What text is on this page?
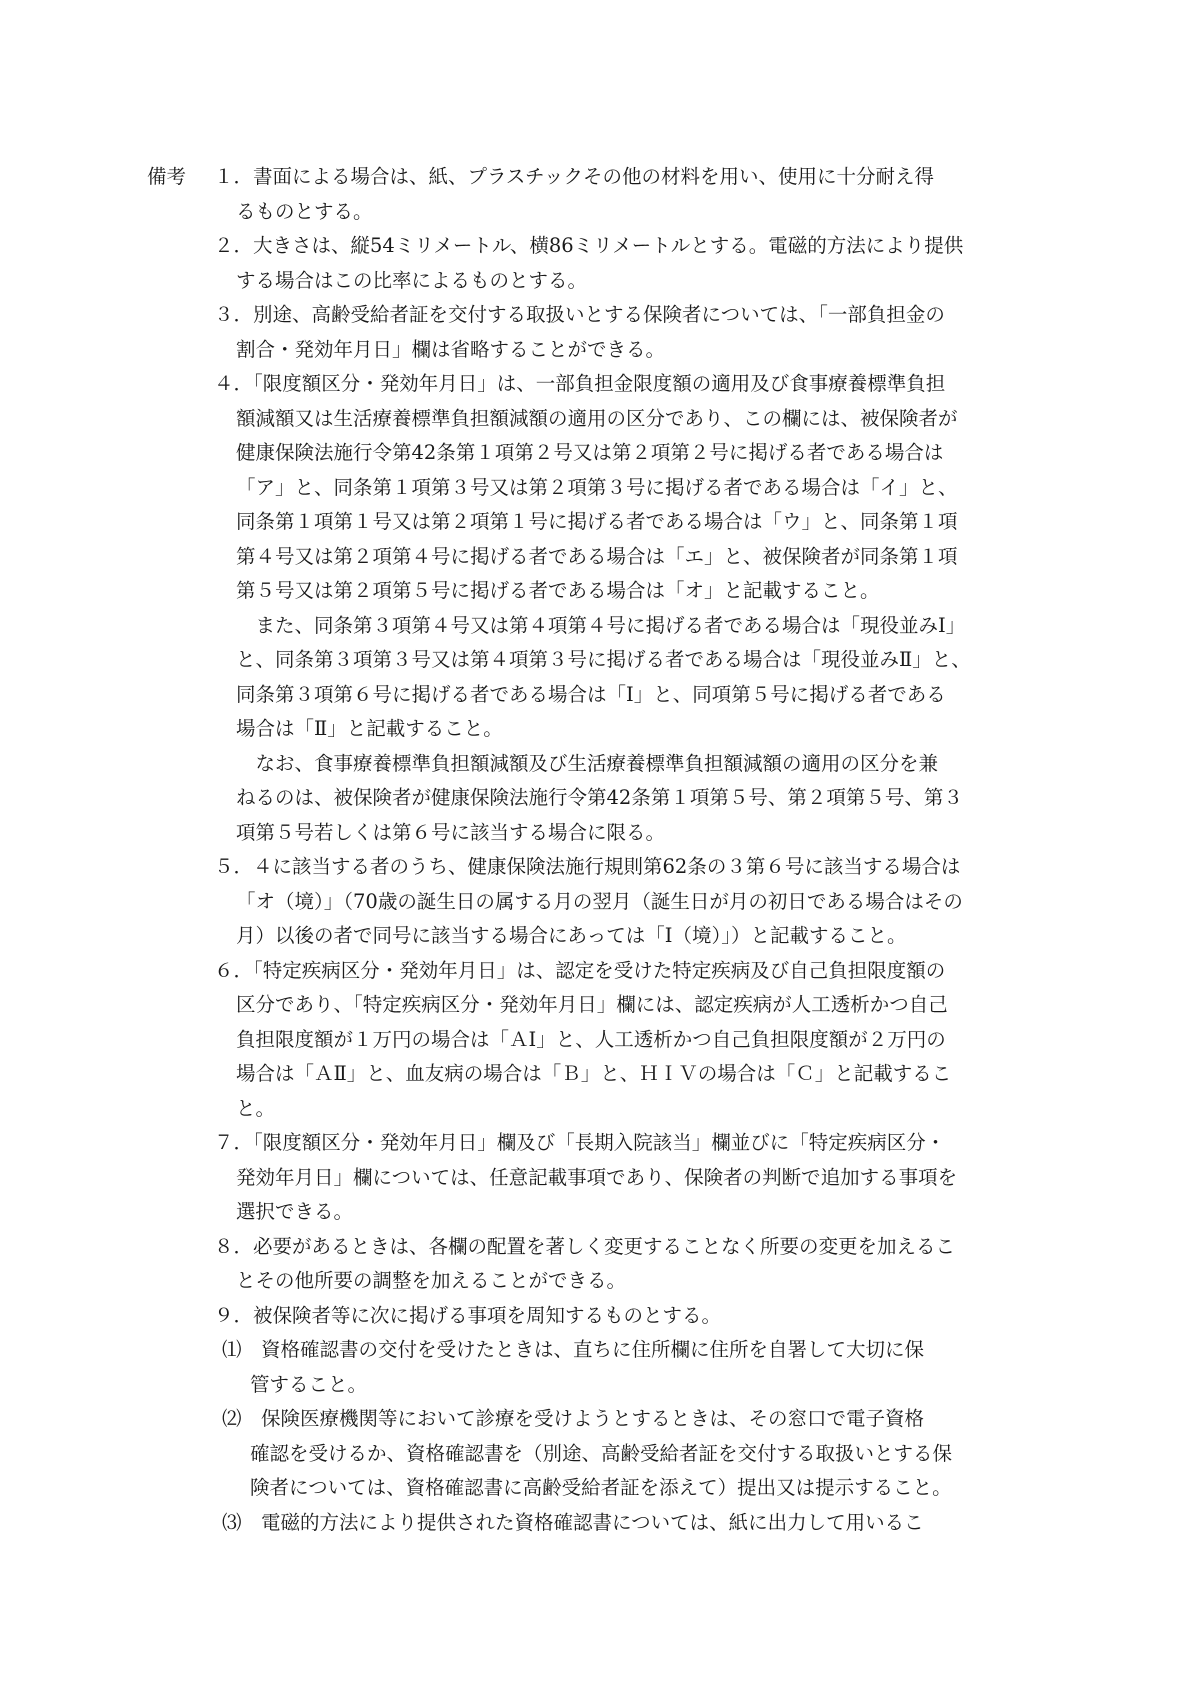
備考 １．書面による場合は、紙、プラスチックその他の材料を用い、使用に十分耐え得
るものとする。
２．大きさは、縦54ミリメートル、横86ミリメートルとする。電磁的方法により提供
する場合はこの比率によるものとする。
３．別途、高齢受給者証を交付する取扱いとする保険者については、「一部負担金の
割合・発効年月日」欄は省略することができる。
４．「限度額区分・発効年月日」は、一部負担金限度額の適用及び食事療養標準負担
額減額又は生活療養標準負担額減額の適用の区分であり、この欄には、被保険者が
健康保険法施行令第42条第１項第２号又は第２項第２号に掲げる者である場合は
「ア」と、同条第１項第３号又は第２項第３号に掲げる者である場合は「イ」と、
同条第１項第１号又は第２項第１号に掲げる者である場合は「ウ」と、同条第１項
第４号又は第２項第４号に掲げる者である場合は「エ」と、被保険者が同条第１項
第５号又は第２項第５号に掲げる者である場合は「オ」と記載すること。
　また、同条第３項第４号又は第４項第４号に掲げる者である場合は「現役並みⅠ」
と、同条第３項第３号又は第４項第３号に掲げる者である場合は「現役並みⅡ」と、
同条第３項第６号に掲げる者である場合は「Ⅰ」と、同項第５号に掲げる者である
場合は「Ⅱ」と記載すること。
　なお、食事療養標準負担額減額及び生活療養標準負担額減額の適用の区分を兼
ねるのは、被保険者が健康保険法施行令第42条第１項第５号、第２項第５号、第３
項第５号若しくは第６号に該当する場合に限る。
５．４に該当する者のうち、健康保険法施行規則第62条の３第６号に該当する場合は
「オ（境）」（70歳の誕生日の属する月の翌月（誕生日が月の初日である場合はその
月）以後の者で同号に該当する場合にあっては「Ⅰ（境）」）と記載すること。
６．「特定疾病区分・発効年月日」は、認定を受けた特定疾病及び自己負担限度額の
区分であり、「特定疾病区分・発効年月日」欄には、認定疾病が人工透析かつ自己
負担限度額が１万円の場合は「ＡⅠ」と、人工透析かつ自己負担限度額が２万円の
場合は「ＡⅡ」と、血友病の場合は「Ｂ」と、ＨＩＶの場合は「Ｃ」と記載するこ
と。
７．「限度額区分・発効年月日」欄及び「長期入院該当」欄並びに「特定疾病区分・
発効年月日」欄については、任意記載事項であり、保険者の判断で追加する事項を
選択できる。
８．必要があるときは、各欄の配置を著しく変更することなく所要の変更を加えるこ
とその他所要の調整を加えることができる。
９．被保険者等に次に掲げる事項を周知するものとする。
⑴　資格確認書の交付を受けたときは、直ちに住所欄に住所を自署して大切に保
管すること。
⑵　保険医療機関等において診療を受けようとするときは、その窓口で電子資格
確認を受けるか、資格確認書を（別途、高齢受給者証を交付する取扱いとする保
険者については、資格確認書に高齢受給者証を添えて）提出又は提示すること。
⑶　電磁的方法により提供された資格確認書については、紙に出力して用いるこ
